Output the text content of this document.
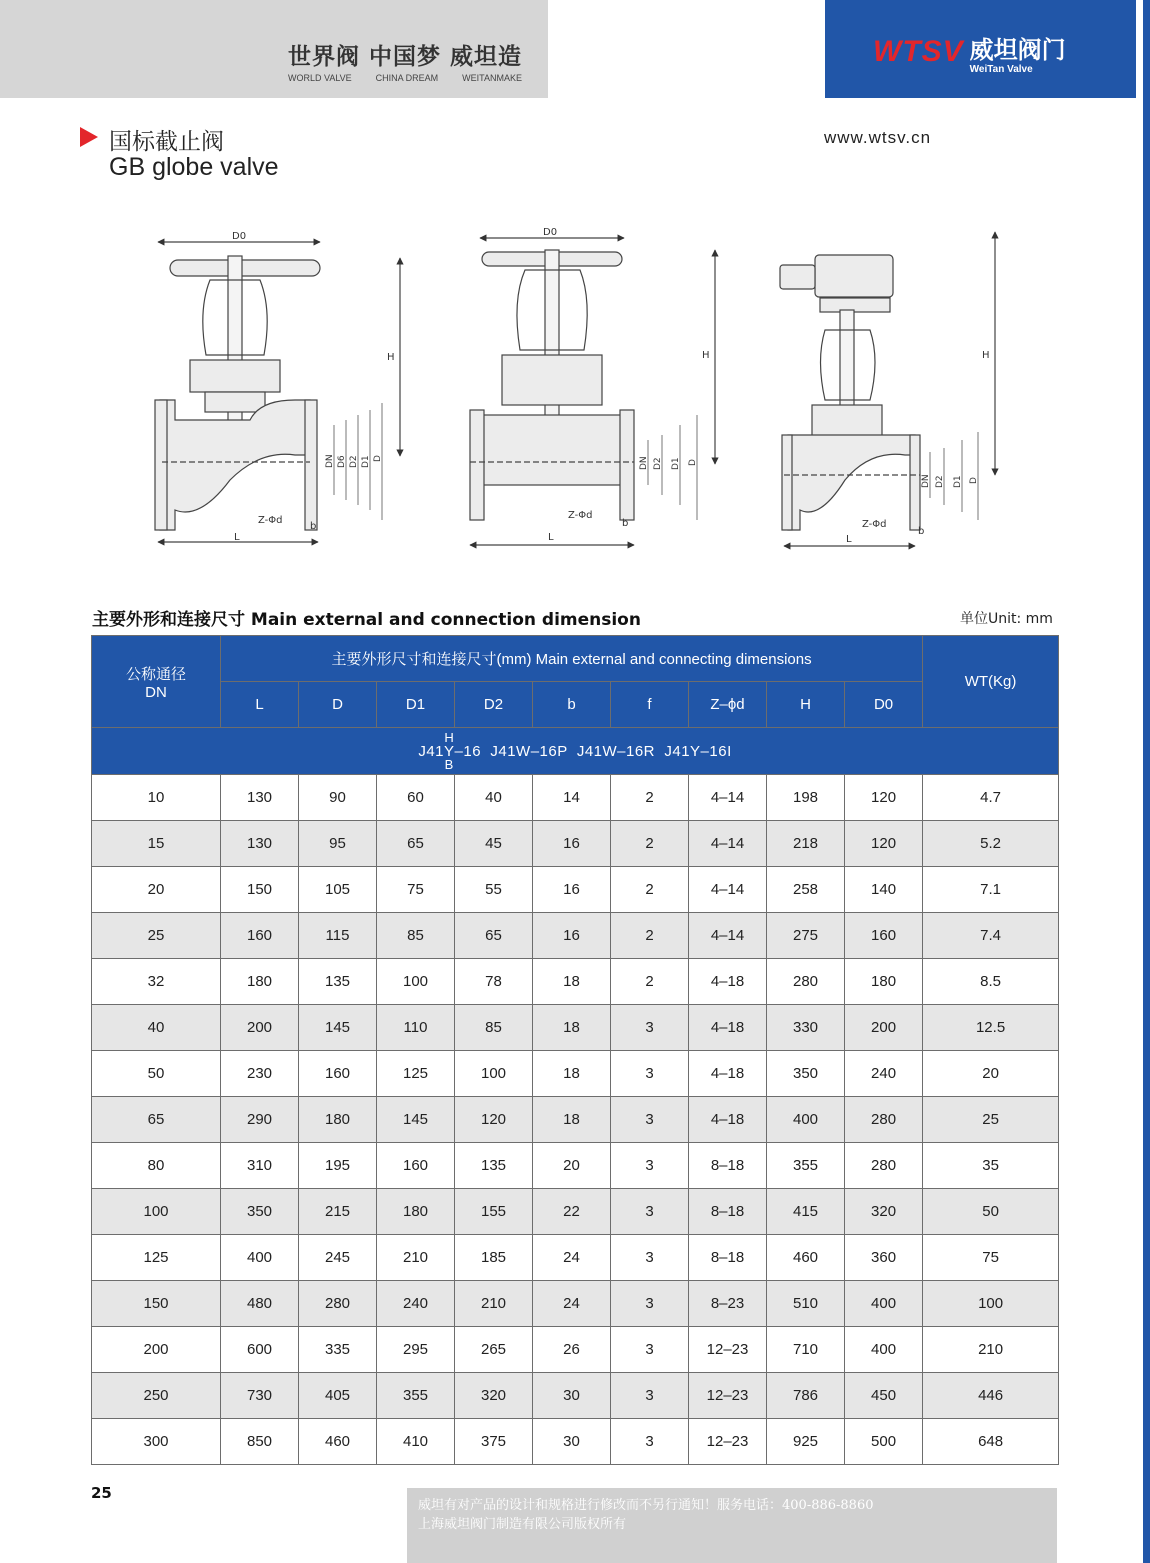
世界阀 中国梦 威坦造
WORLD VALVE	CHINA DREAM	WEITANMAKE
WTSV 威坦阀门
WeiTan Valve
国标截止阀
GB globe valve
www.wtsv.cn
D0
H
L
Z-Φd
b
DN D6 D2 D1 D
D0
H
L
Z-Φd
b
DN D2 D1 D
H
L
Z-Φd
b
DN D2 D1 D
主要外形和连接尺寸 Main external and connection dimension	单位Unit: mm
公称通径
DN	主要外形尺寸和连接尺寸(mm) Main external and connecting dimensions									WT(Kg)
	L	D	D1	D2	b	f	Z–ϕd	H	D0	

J41
H
Y
B
–16  J41W–16P  J41W–16R  J41Y–16I										

10	130	90	60	40	14	2	4–14	198	120	4.7
15	130	95	65	45	16	2	4–14	218	120	5.2
20	150	105	75	55	16	2	4–14	258	140	7.1
25	160	115	85	65	16	2	4–14	275	160	7.4
32	180	135	100	78	18	2	4–18	280	180	8.5
40	200	145	110	85	18	3	4–18	330	200	12.5
50	230	160	125	100	18	3	4–18	350	240	20
65	290	180	145	120	18	3	4–18	400	280	25
80	310	195	160	135	20	3	8–18	355	280	35
100	350	215	180	155	22	3	8–18	415	320	50
125	400	245	210	185	24	3	8–18	460	360	75
150	480	280	240	210	24	3	8–23	510	400	100
200	600	335	295	265	26	3	12–23	710	400	210
250	730	405	355	320	30	3	12–23	786	450	446
300	850	460	410	375	30	3	12–23	925	500	648
25
威坦有对产品的设计和规格进行修改而不另行通知！服务电话：400-886-8860
上海威坦阀门制造有限公司版权所有
